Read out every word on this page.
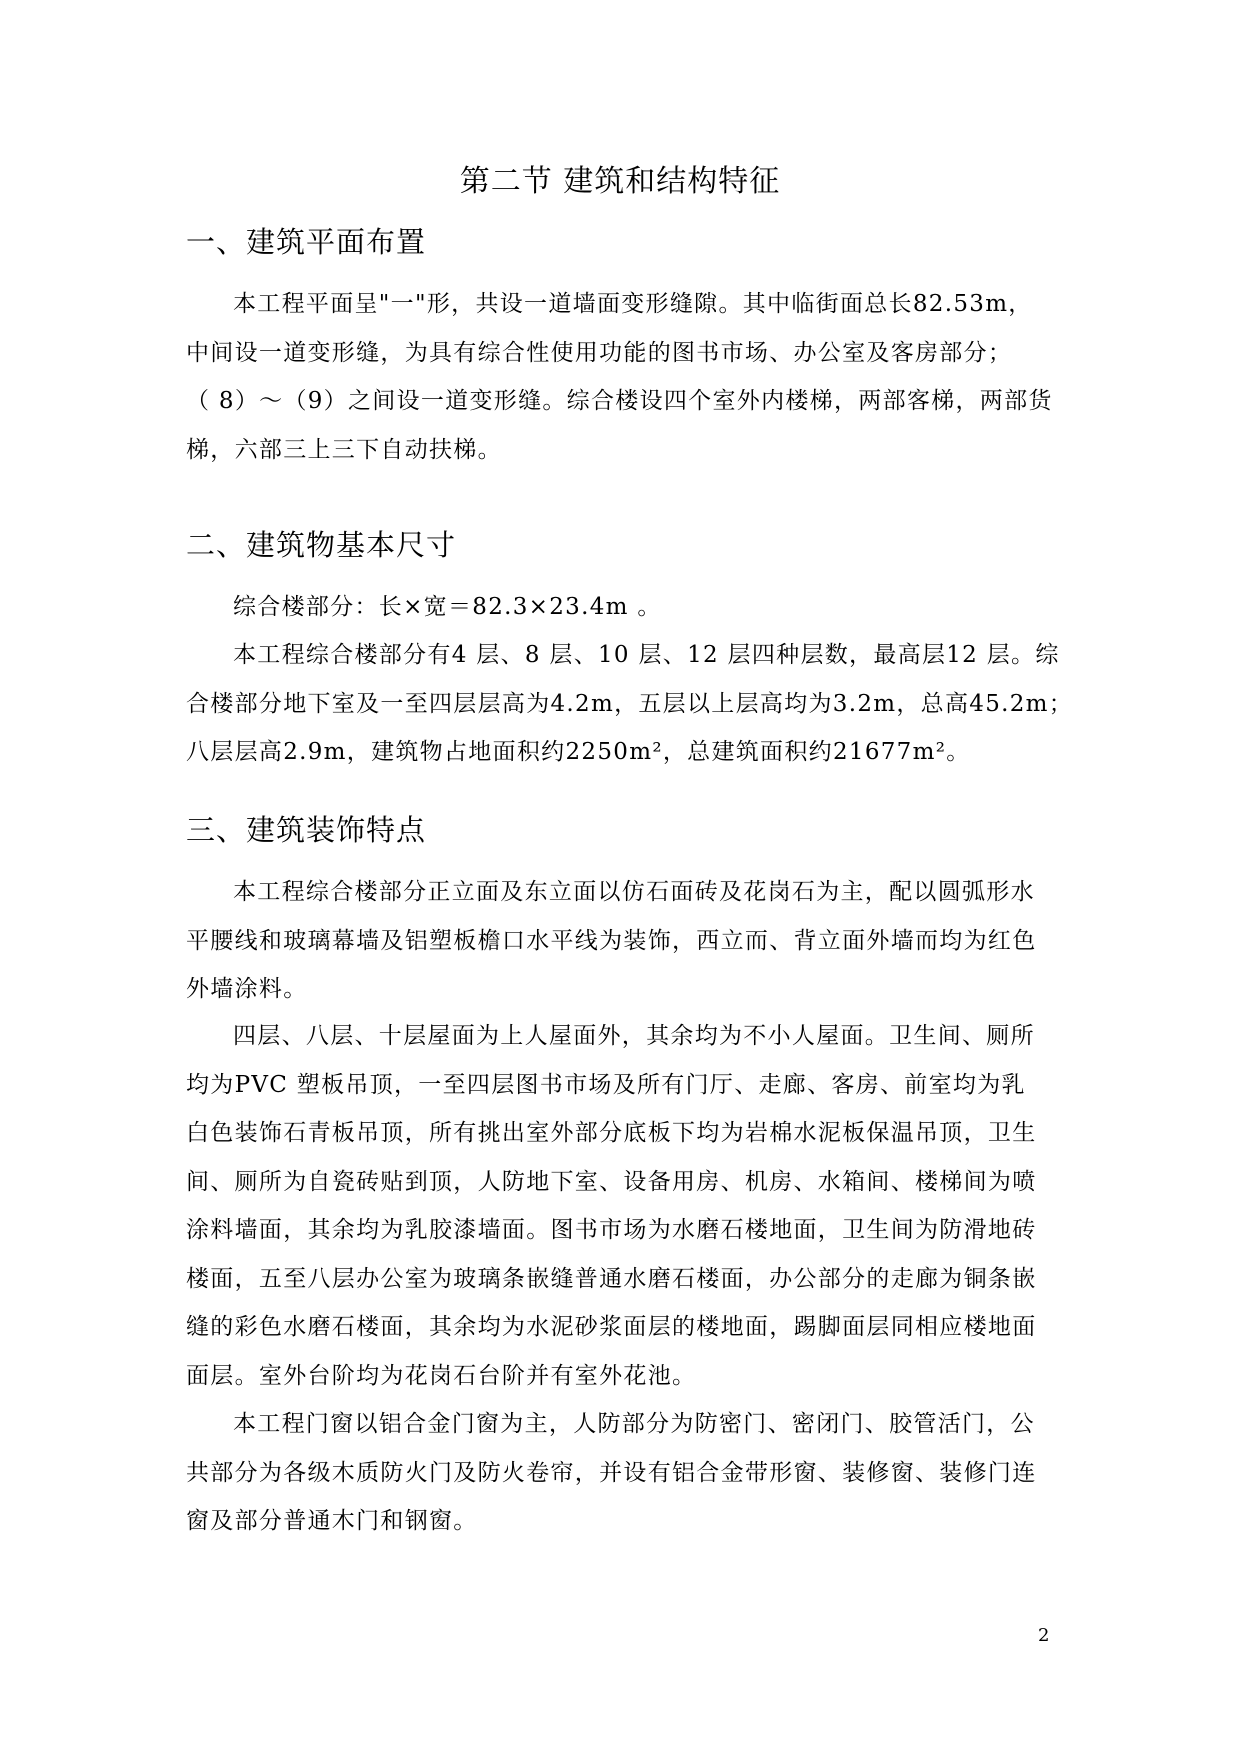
第二节 建筑和结构特征
一、建筑平面布置
本工程平面呈"一"形，共设一道墙面变形缝隙。其中临街面总长82.53m，
中间设一道变形缝，为具有综合性使用功能的图书市场、办公室及客房部分；
（ 8）～（9）之间设一道变形缝。综合楼设四个室外内楼梯，两部客梯，两部货
梯，六部三上三下自动扶梯。
二、建筑物基本尺寸
综合楼部分：长×宽＝82.3×23.4m 。
本工程综合楼部分有4 层、8 层、10 层、12 层四种层数，最高层12 层。综
合楼部分地下室及一至四层层高为4.2m，五层以上层高均为3.2m，总高45.2m；
八层层高2.9m，建筑物占地面积约2250m²，总建筑面积约21677m²。
三、建筑装饰特点
本工程综合楼部分正立面及东立面以仿石面砖及花岗石为主，配以圆弧形水
平腰线和玻璃幕墙及铝塑板檐口水平线为装饰，西立而、背立面外墙而均为红色
外墙涂料。
四层、八层、十层屋面为上人屋面外，其余均为不小人屋面。卫生间、厕所
均为PVC 塑板吊顶，一至四层图书市场及所有门厅、走廊、客房、前室均为乳
白色装饰石青板吊顶，所有挑出室外部分底板下均为岩棉水泥板保温吊顶，卫生
间、厕所为自瓷砖贴到顶，人防地下室、设备用房、机房、水箱间、楼梯间为喷
涂料墙面，其余均为乳胶漆墙面。图书市场为水磨石楼地面，卫生间为防滑地砖
楼面，五至八层办公室为玻璃条嵌缝普通水磨石楼面，办公部分的走廊为铜条嵌
缝的彩色水磨石楼面，其余均为水泥砂浆面层的楼地面，踢脚面层同相应楼地面
面层。室外台阶均为花岗石台阶并有室外花池。
本工程门窗以铝合金门窗为主，人防部分为防密门、密闭门、胶管活门，公
共部分为各级木质防火门及防火卷帘，并设有铝合金带形窗、装修窗、装修门连
窗及部分普通木门和钢窗。
2
